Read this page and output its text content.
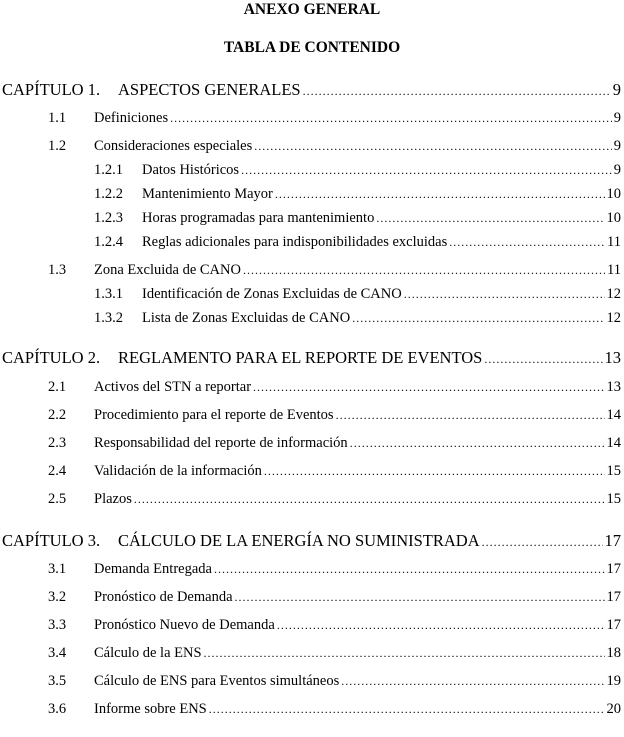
ANEXO GENERAL
TABLA DE CONTENIDO
CAPÍTULO 1.	ASPECTOS GENERALES .....	9
1.1	Definiciones .....	9
1.2	Consideraciones especiales .....	9
1.2.1	Datos Históricos .....	9
1.2.2	Mantenimiento Mayor .....	10
1.2.3	Horas programadas para mantenimiento .....	10
1.2.4	Reglas adicionales para indisponibilidades excluidas .....	11
1.3	Zona Excluida de CANO .....	11
1.3.1	Identificación de Zonas Excluidas de CANO .....	12
1.3.2	Lista de Zonas Excluidas de CANO .....	12
CAPÍTULO 2.	REGLAMENTO PARA EL REPORTE DE EVENTOS .....	13
2.1	Activos del STN a reportar .....	13
2.2	Procedimiento para el reporte de Eventos .....	14
2.3	Responsabilidad del reporte de información .....	14
2.4	Validación de la información .....	15
2.5	Plazos .....	15
CAPÍTULO 3.	CÁLCULO DE LA ENERGÍA NO SUMINISTRADA .....	17
3.1	Demanda Entregada .....	17
3.2	Pronóstico de Demanda .....	17
3.3	Pronóstico Nuevo de Demanda .....	17
3.4	Cálculo de la ENS .....	18
3.5	Cálculo de ENS para Eventos simultáneos .....	19
3.6	Informe sobre ENS .....	20
